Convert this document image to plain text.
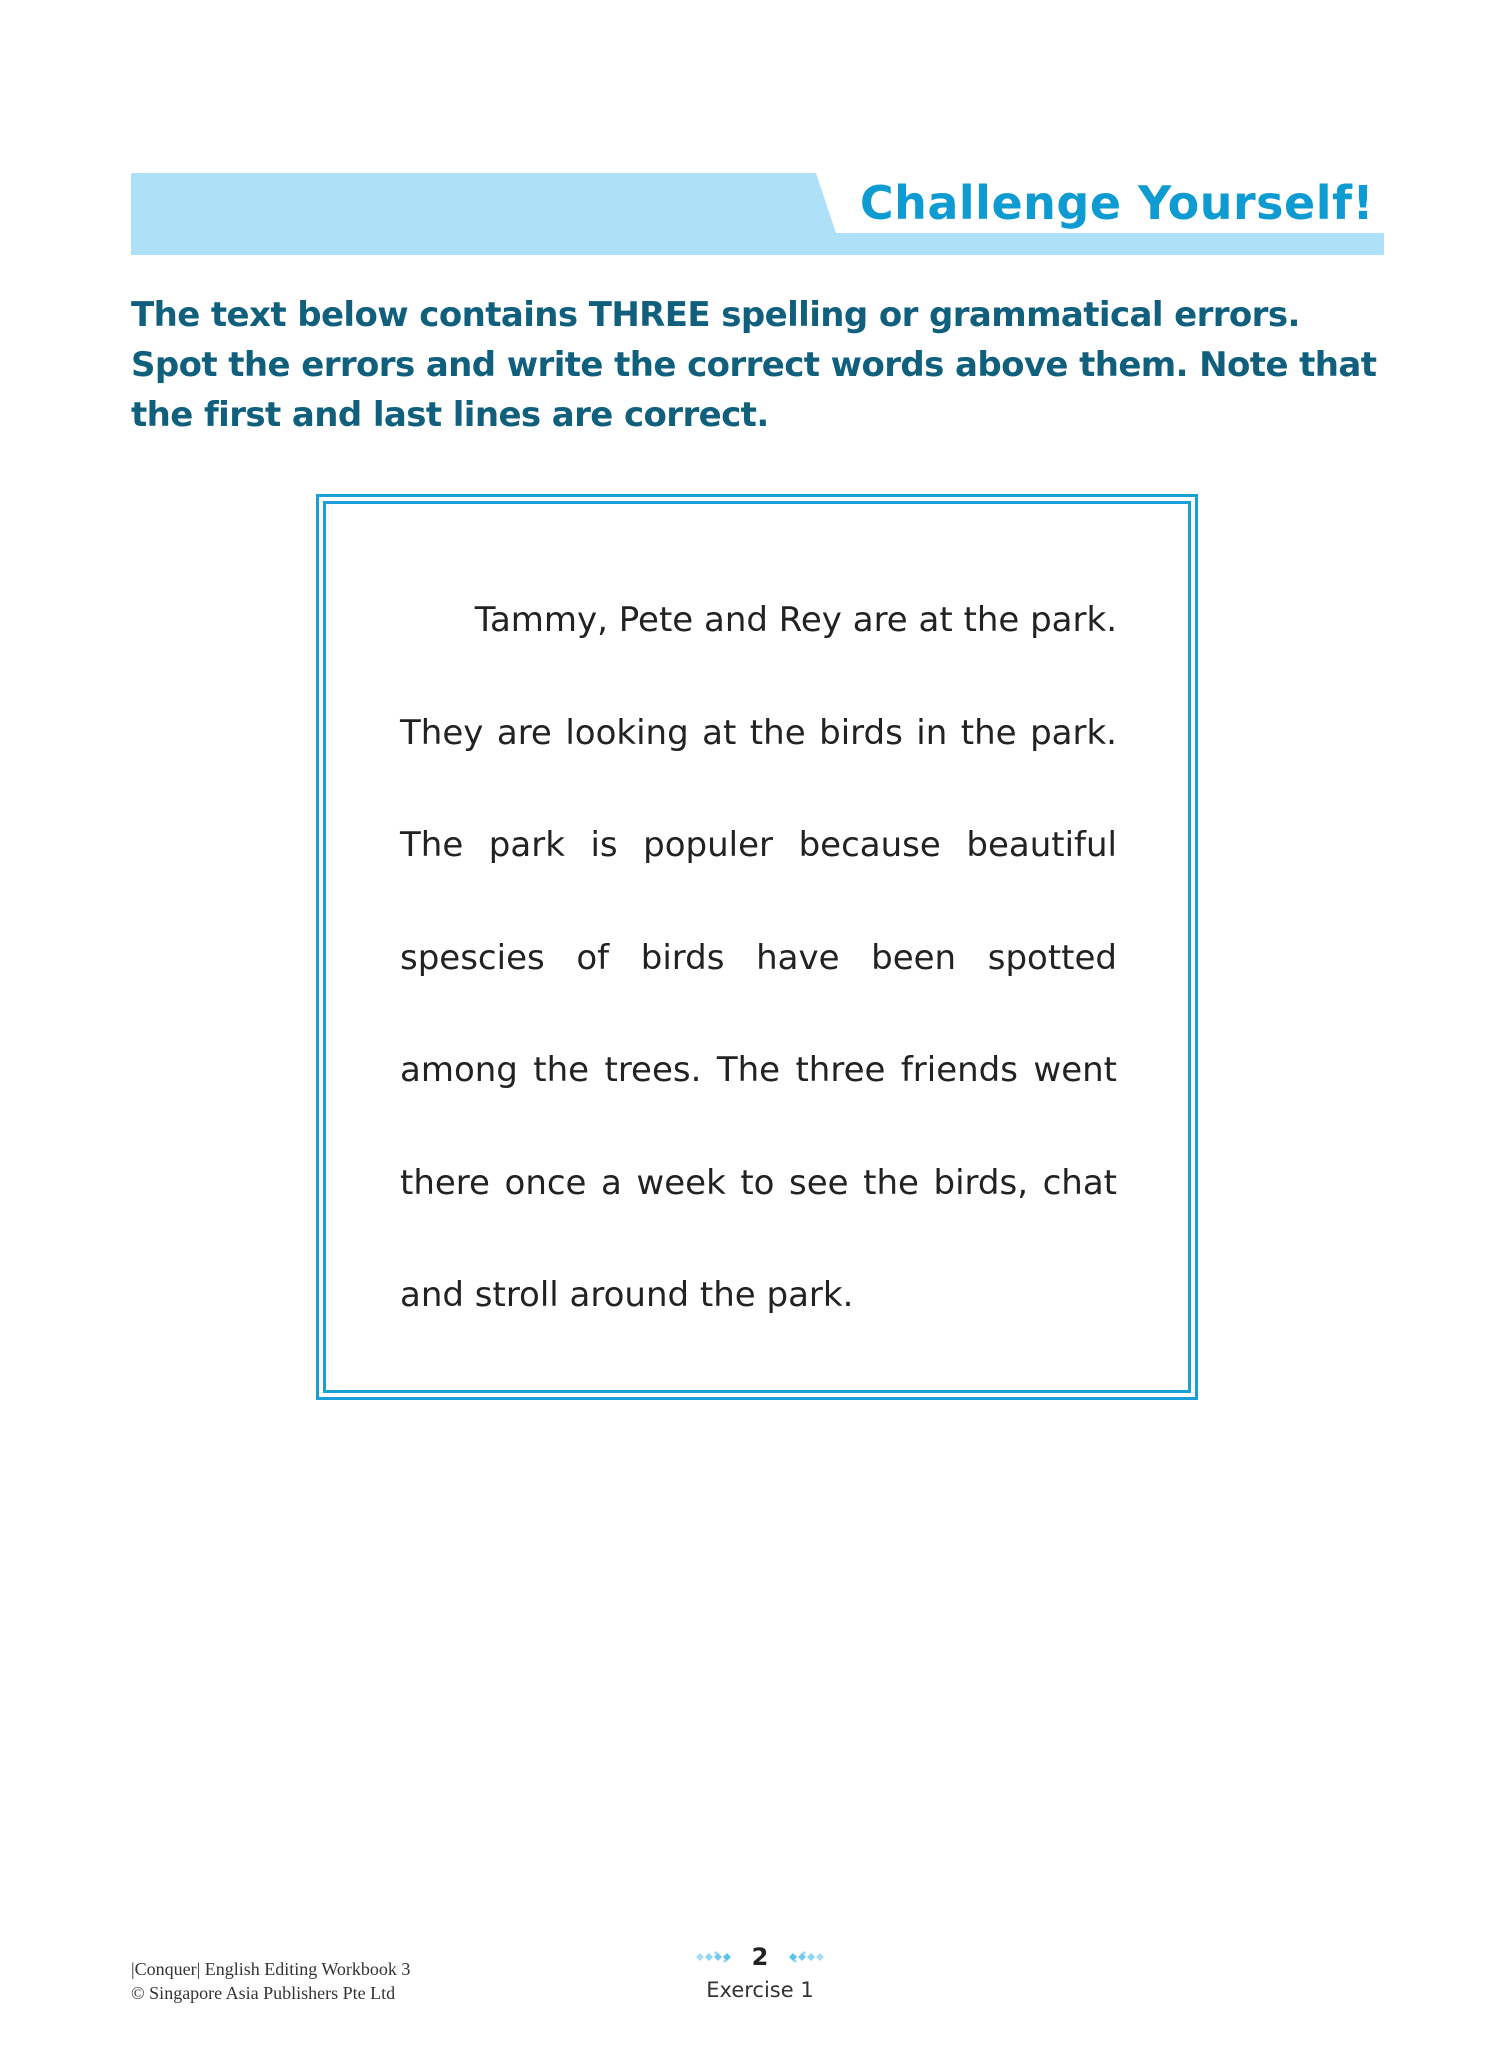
Challenge Yourself!

The text below contains THREE spelling or grammatical errors. Spot the errors and write the correct words above them. Note that the first and last lines are correct.

Tammy, Pete and Rey are at the park.
They are looking at the birds in the park.
The park is populer because beautiful
spescies of birds have been spotted
among the trees. The three friends went
there once a week to see the birds, chat
and stroll around the park.
|Conquer| English Editing Workbook 3
© Singapore Asia Publishers Pte Ltd
2
Exercise 1
